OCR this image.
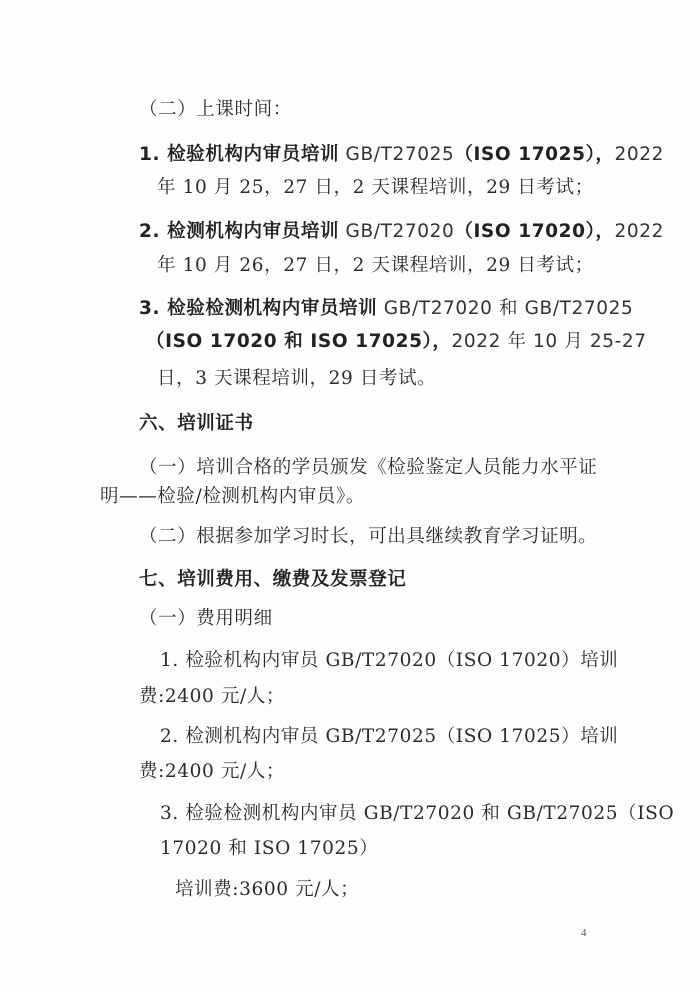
（二）上课时间：
1. 检验机构内审员培训 GB/T27025（ISO 17025），2022
年 10 月 25，27 日，2 天课程培训，29 日考试；
2. 检测机构内审员培训 GB/T27020（ISO 17020），2022
年 10 月 26，27 日，2 天课程培训，29 日考试；
3. 检验检测机构内审员培训 GB/T27020 和 GB/T27025
（ISO 17020 和 ISO 17025），2022 年 10 月 25-27
日，3 天课程培训，29 日考试。
六、培训证书
（一）培训合格的学员颁发《检验鉴定人员能力水平证
明——检验/检测机构内审员》。
（二）根据参加学习时长，可出具继续教育学习证明。
七、培训费用、缴费及发票登记
（一）费用明细
1. 检验机构内审员 GB/T27020（ISO 17020）培训
费:2400 元/人；
2. 检测机构内审员 GB/T27025（ISO 17025）培训
费:2400 元/人；
3. 检验检测机构内审员 GB/T27020 和 GB/T27025（ISO
17020 和 ISO 17025）
培训费:3600 元/人；
4
